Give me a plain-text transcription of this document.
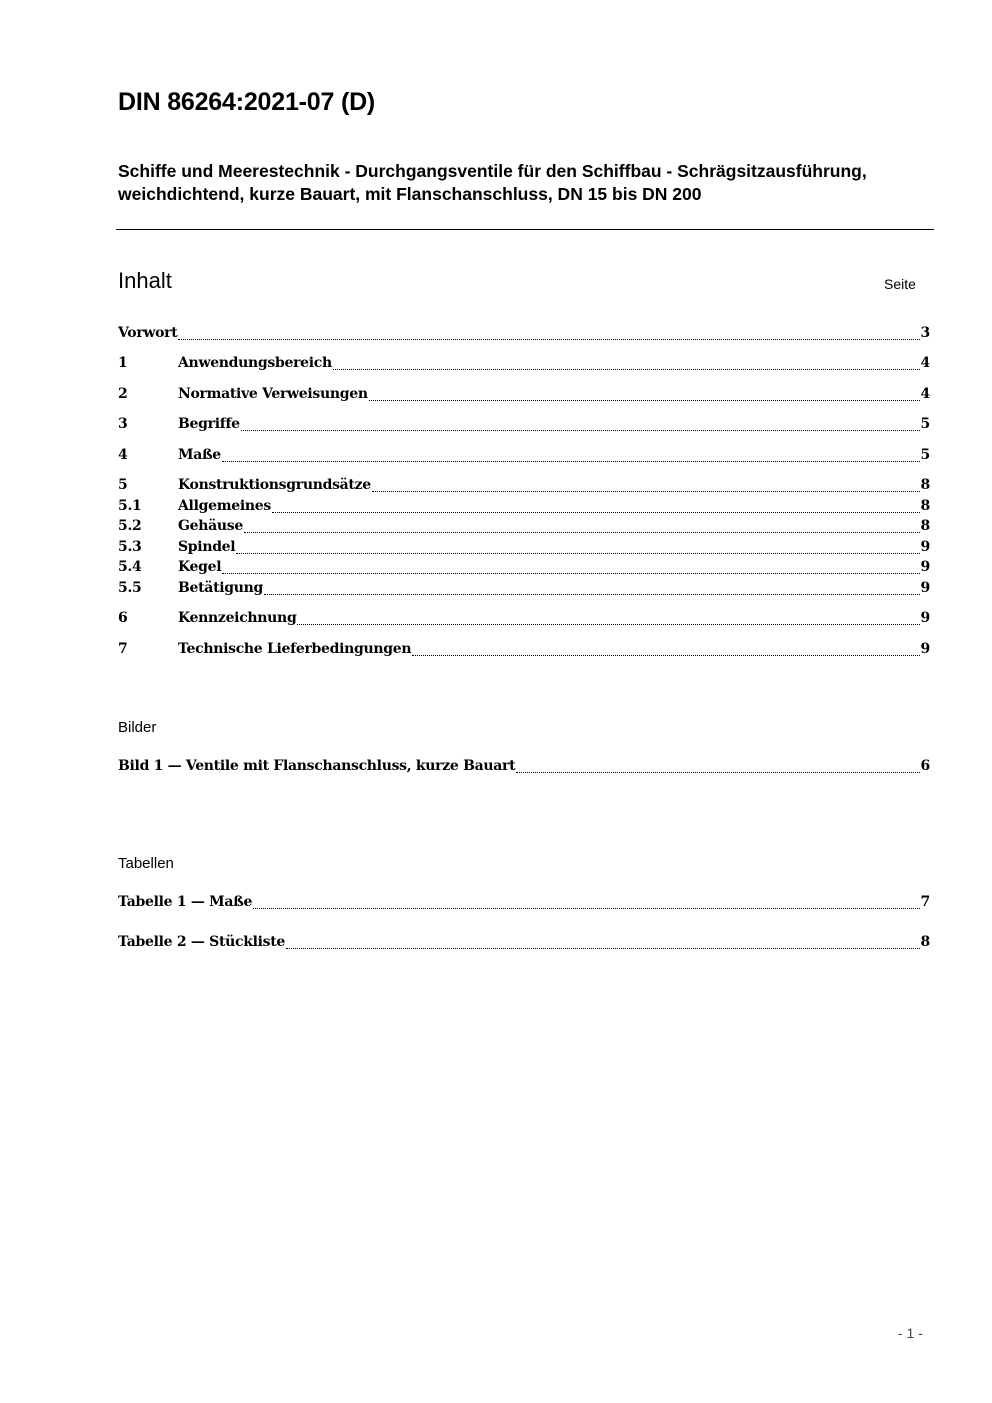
DIN 86264:2021-07 (D)
Schiffe und Meerestechnik - Durchgangsventile für den Schiffbau - Schrägsitzausführung, weichdichtend, kurze Bauart, mit Flanschanschluss, DN 15 bis DN 200
Inhalt	Seite
Vorwort	3
1	Anwendungsbereich	4
2	Normative Verweisungen	4
3	Begriffe	5
4	Maße	5
5	Konstruktionsgrundsätze	8
5.1	Allgemeines	8
5.2	Gehäuse	8
5.3	Spindel	9
5.4	Kegel	9
5.5	Betätigung	9
6	Kennzeichnung	9
7	Technische Lieferbedingungen	9
Bilder
Bild 1 — Ventile mit Flanschanschluss, kurze Bauart	6
Tabellen
Tabelle 1 — Maße	7
Tabelle 2 — Stückliste	8
- 1 -
